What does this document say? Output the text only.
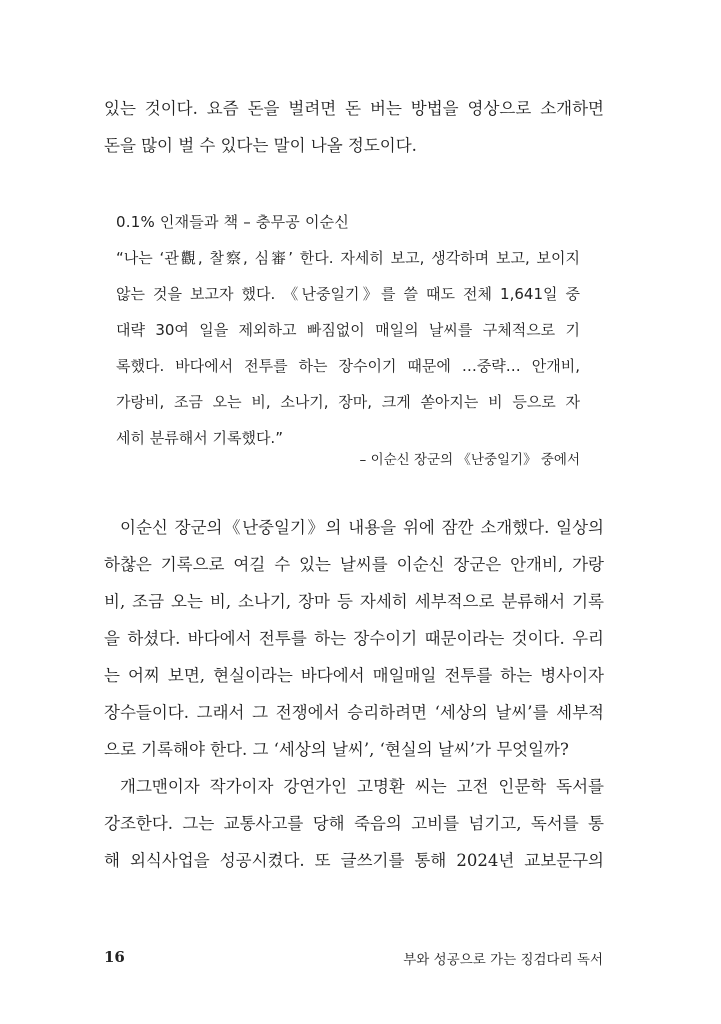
있는 것이다. 요즘 돈을 벌려면 돈 버는 방법을 영상으로 소개하면
돈을 많이 벌 수 있다는 말이 나올 정도이다.
0.1% 인재들과 책 – 충무공 이순신
“나는 ‘관觀, 찰察, 심審’ 한다. 자세히 보고, 생각하며 보고, 보이지
않는 것을 보고자 했다. 《난중일기》를 쓸 때도 전체 1,641일 중
대략 30여 일을 제외하고 빠짐없이 매일의 날씨를 구체적으로 기
록했다. 바다에서 전투를 하는 장수이기 때문에 …중략… 안개비,
가랑비, 조금 오는 비, 소나기, 장마, 크게 쏟아지는 비 등으로 자
세히 분류해서 기록했다.”
– 이순신 장군의 《난중일기》 중에서
이순신 장군의《난중일기》의 내용을 위에 잠깐 소개했다. 일상의
하찮은 기록으로 여길 수 있는 날씨를 이순신 장군은 안개비, 가랑
비, 조금 오는 비, 소나기, 장마 등 자세히 세부적으로 분류해서 기록
을 하셨다. 바다에서 전투를 하는 장수이기 때문이라는 것이다. 우리
는 어찌 보면, 현실이라는 바다에서 매일매일 전투를 하는 병사이자
장수들이다. 그래서 그 전쟁에서 승리하려면 ‘세상의 날씨’를 세부적
으로 기록해야 한다. 그 ‘세상의 날씨’, ‘현실의 날씨’가 무엇일까?
개그맨이자 작가이자 강연가인 고명환 씨는 고전 인문학 독서를
강조한다. 그는 교통사고를 당해 죽음의 고비를 넘기고, 독서를 통
해 외식사업을 성공시켰다. 또 글쓰기를 통해 2024년 교보문구의
16	부와 성공으로 가는 징검다리 독서
